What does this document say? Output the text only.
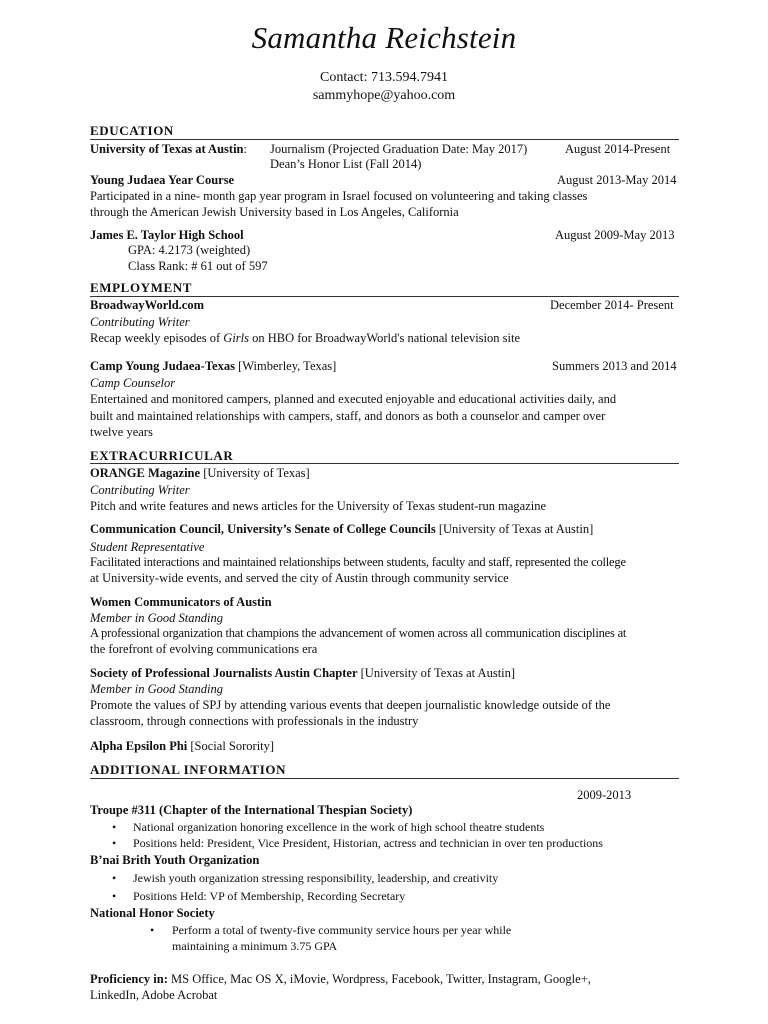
Samantha Reichstein
Contact: 713.594.7941
sammyhope@yahoo.com
EDUCATION
University of Texas at Austin: Journalism (Projected Graduation Date: May 2017)	August 2014-Present
Dean’s Honor List (Fall 2014)
Young Judaea Year Course	August 2013-May 2014
Participated in a nine- month gap year program in Israel focused on volunteering and taking classes
through the American Jewish University based in Los Angeles, California
James E. Taylor High School	August 2009-May 2013
GPA: 4.2173 (weighted)
Class Rank: # 61 out of 597
EMPLOYMENT
BroadwayWorld.com	December 2014- Present
Contributing Writer
Recap weekly episodes of Girls on HBO for BroadwayWorld's national television site
Camp Young Judaea-Texas [Wimberley, Texas]	Summers 2013 and 2014
Camp Counselor
Entertained and monitored campers, planned and executed enjoyable and educational activities daily, and
built and maintained relationships with campers, staff, and donors as both a counselor and camper over
twelve years
EXTRACURRICULAR
ORANGE Magazine [University of Texas]
Contributing Writer
Pitch and write features and news articles for the University of Texas student-run magazine
Communication Council, University’s Senate of College Councils [University of Texas at Austin]
Student Representative
Facilitated interactions and maintained relationships between students, faculty and staff, represented the college
at University-wide events, and served the city of Austin through community service
Women Communicators of Austin
Member in Good Standing
A professional organization that champions the advancement of women across all communication disciplines at
the forefront of evolving communications era
Society of Professional Journalists Austin Chapter [University of Texas at Austin]
Member in Good Standing
Promote the values of SPJ by attending various events that deepen journalistic knowledge outside of the
classroom, through connections with professionals in the industry
Alpha Epsilon Phi [Social Sorority]
ADDITIONAL INFORMATION
2009-2013
Troupe #311 (Chapter of the International Thespian Society)
• National organization honoring excellence in the work of high school theatre students
• Positions held: President, Vice President, Historian, actress and technician in over ten productions
B’nai Brith Youth Organization
• Jewish youth organization stressing responsibility, leadership, and creativity
• Positions Held: VP of Membership, Recording Secretary
National Honor Society
• Perform a total of twenty-five community service hours per year while
maintaining a minimum 3.75 GPA
Proficiency in: MS Office, Mac OS X, iMovie, Wordpress, Facebook, Twitter, Instagram, Google+,
LinkedIn, Adobe Acrobat
